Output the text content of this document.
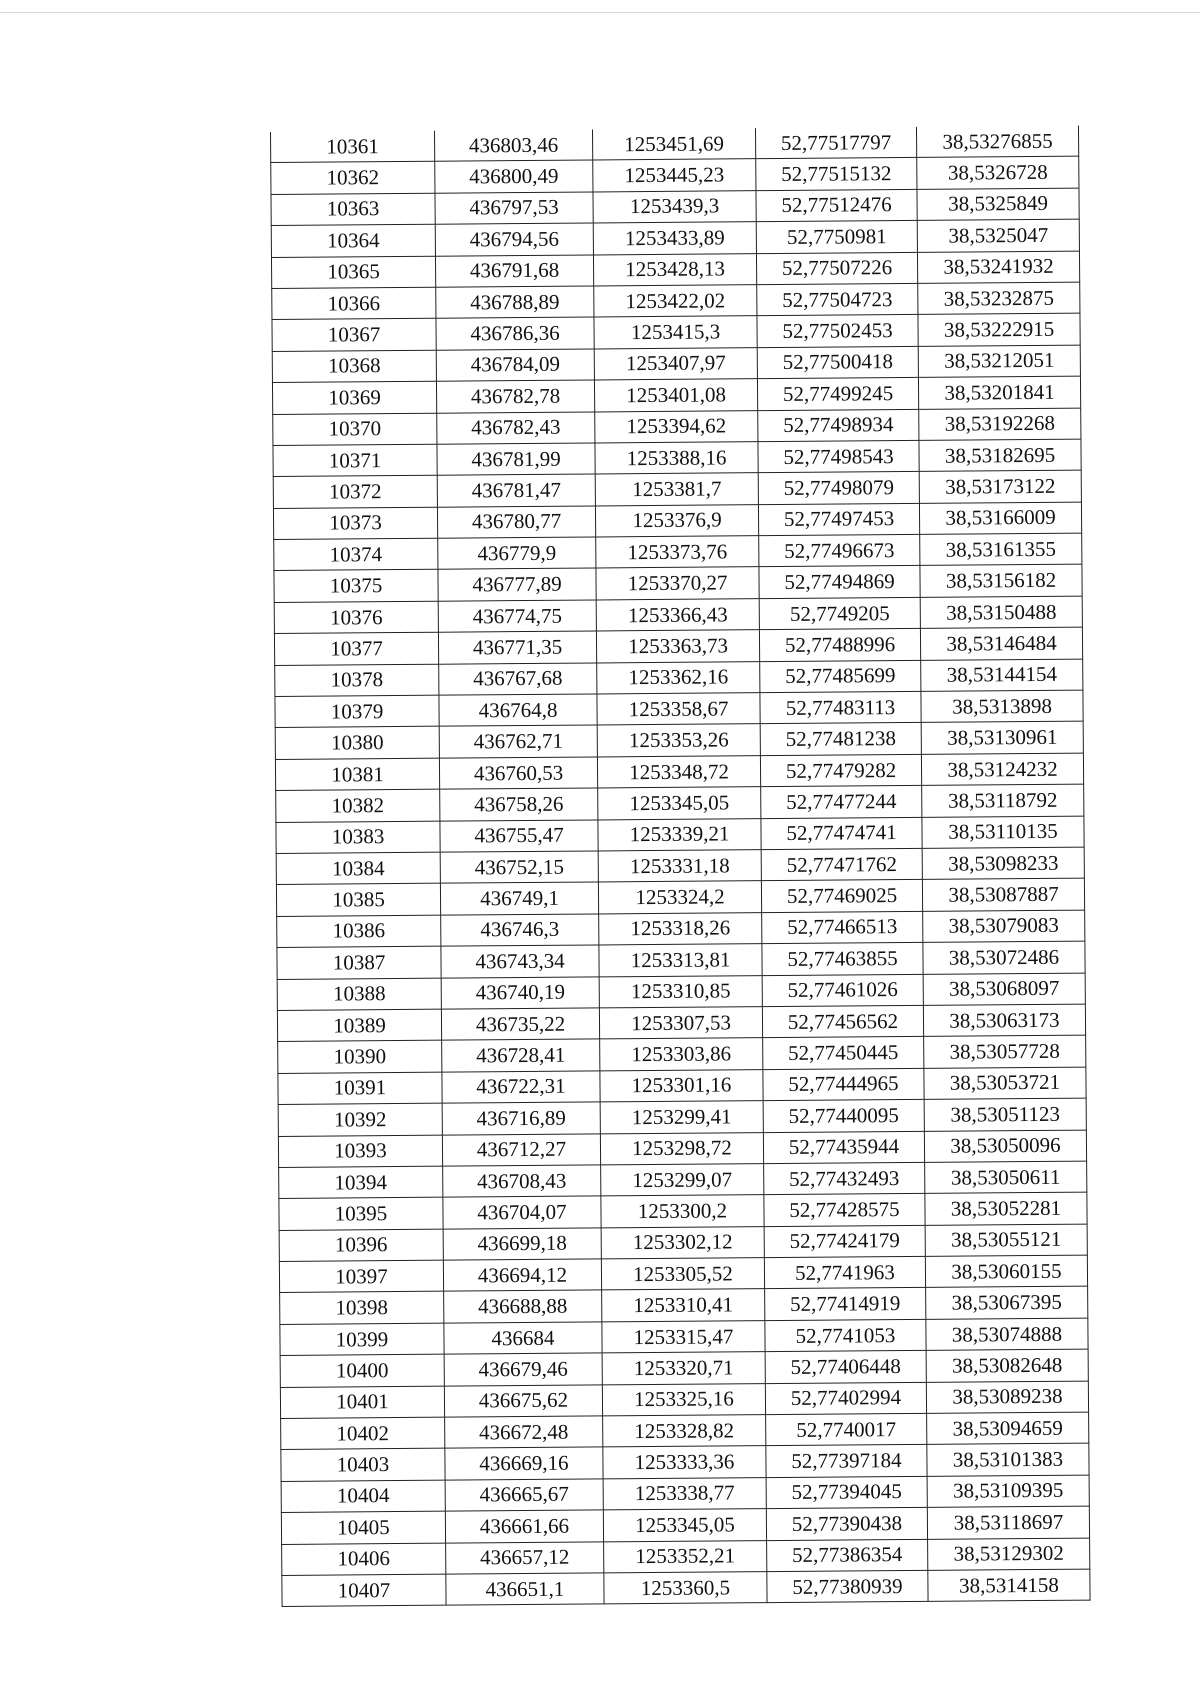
10361	436803,46	1253451,69	52,77517797	38,53276855
10362	436800,49	1253445,23	52,77515132	38,5326728
10363	436797,53	1253439,3	52,77512476	38,5325849
10364	436794,56	1253433,89	52,7750981	38,5325047
10365	436791,68	1253428,13	52,77507226	38,53241932
10366	436788,89	1253422,02	52,77504723	38,53232875
10367	436786,36	1253415,3	52,77502453	38,53222915
10368	436784,09	1253407,97	52,77500418	38,53212051
10369	436782,78	1253401,08	52,77499245	38,53201841
10370	436782,43	1253394,62	52,77498934	38,53192268
10371	436781,99	1253388,16	52,77498543	38,53182695
10372	436781,47	1253381,7	52,77498079	38,53173122
10373	436780,77	1253376,9	52,77497453	38,53166009
10374	436779,9	1253373,76	52,77496673	38,53161355
10375	436777,89	1253370,27	52,77494869	38,53156182
10376	436774,75	1253366,43	52,7749205	38,53150488
10377	436771,35	1253363,73	52,77488996	38,53146484
10378	436767,68	1253362,16	52,77485699	38,53144154
10379	436764,8	1253358,67	52,77483113	38,5313898
10380	436762,71	1253353,26	52,77481238	38,53130961
10381	436760,53	1253348,72	52,77479282	38,53124232
10382	436758,26	1253345,05	52,77477244	38,53118792
10383	436755,47	1253339,21	52,77474741	38,53110135
10384	436752,15	1253331,18	52,77471762	38,53098233
10385	436749,1	1253324,2	52,77469025	38,53087887
10386	436746,3	1253318,26	52,77466513	38,53079083
10387	436743,34	1253313,81	52,77463855	38,53072486
10388	436740,19	1253310,85	52,77461026	38,53068097
10389	436735,22	1253307,53	52,77456562	38,53063173
10390	436728,41	1253303,86	52,77450445	38,53057728
10391	436722,31	1253301,16	52,77444965	38,53053721
10392	436716,89	1253299,41	52,77440095	38,53051123
10393	436712,27	1253298,72	52,77435944	38,53050096
10394	436708,43	1253299,07	52,77432493	38,53050611
10395	436704,07	1253300,2	52,77428575	38,53052281
10396	436699,18	1253302,12	52,77424179	38,53055121
10397	436694,12	1253305,52	52,7741963	38,53060155
10398	436688,88	1253310,41	52,77414919	38,53067395
10399	436684	1253315,47	52,7741053	38,53074888
10400	436679,46	1253320,71	52,77406448	38,53082648
10401	436675,62	1253325,16	52,77402994	38,53089238
10402	436672,48	1253328,82	52,7740017	38,53094659
10403	436669,16	1253333,36	52,77397184	38,53101383
10404	436665,67	1253338,77	52,77394045	38,53109395
10405	436661,66	1253345,05	52,77390438	38,53118697
10406	436657,12	1253352,21	52,77386354	38,53129302
10407	436651,1	1253360,5	52,77380939	38,5314158
